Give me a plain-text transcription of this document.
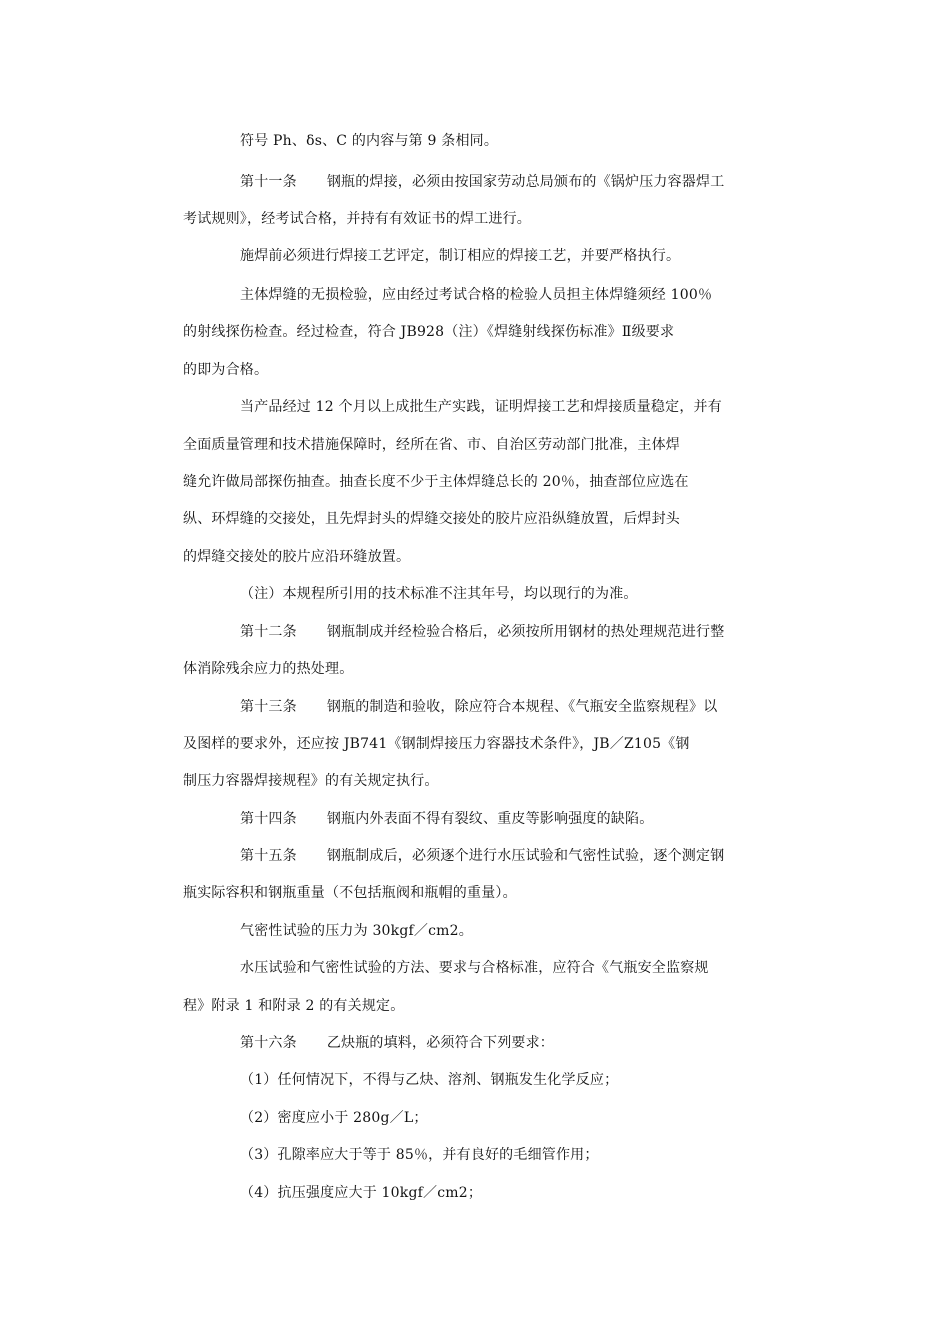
符号 Ph、δs、C 的内容与第 9 条相同。
第十一条 钢瓶的焊接，必须由按国家劳动总局颁布的《锅炉压力容器焊工
考试规则》，经考试合格，并持有有效证书的焊工进行。
施焊前必须进行焊接工艺评定，制订相应的焊接工艺，并要严格执行。
主体焊缝的无损检验，应由经过考试合格的检验人员担主体焊缝须经 100％
的射线探伤检查。经过检查，符合 JB928（注）《焊缝射线探伤标准》Ⅱ级要求
的即为合格。
当产品经过 12 个月以上成批生产实践，证明焊接工艺和焊接质量稳定，并有
全面质量管理和技术措施保障时，经所在省、市、自治区劳动部门批准，主体焊
缝允许做局部探伤抽查。抽查长度不少于主体焊缝总长的 20％，抽查部位应选在
纵、环焊缝的交接处，且先焊封头的焊缝交接处的胶片应沿纵缝放置，后焊封头
的焊缝交接处的胶片应沿环缝放置。
（注）本规程所引用的技术标准不注其年号，均以现行的为准。
第十二条 钢瓶制成并经检验合格后，必须按所用钢材的热处理规范进行整
体消除残余应力的热处理。
第十三条 钢瓶的制造和验收，除应符合本规程、《气瓶安全监察规程》以
及图样的要求外，还应按 JB741《钢制焊接压力容器技术条件》，JB／Z105《钢
制压力容器焊接规程》的有关规定执行。
第十四条 钢瓶内外表面不得有裂纹、重皮等影响强度的缺陷。
第十五条 钢瓶制成后，必须逐个进行水压试验和气密性试验，逐个测定钢
瓶实际容积和钢瓶重量（不包括瓶阀和瓶帽的重量）。
气密性试验的压力为 30kgf／cm2。
水压试验和气密性试验的方法、要求与合格标准，应符合《气瓶安全监察规
程》附录 1 和附录 2 的有关规定。
第十六条 乙炔瓶的填料，必须符合下列要求：
（1）任何情况下，不得与乙炔、溶剂、钢瓶发生化学反应；
（2）密度应小于 280g／L；
（3）孔隙率应大于等于 85％，并有良好的毛细管作用；
（4）抗压强度应大于 10kgf／cm2；
